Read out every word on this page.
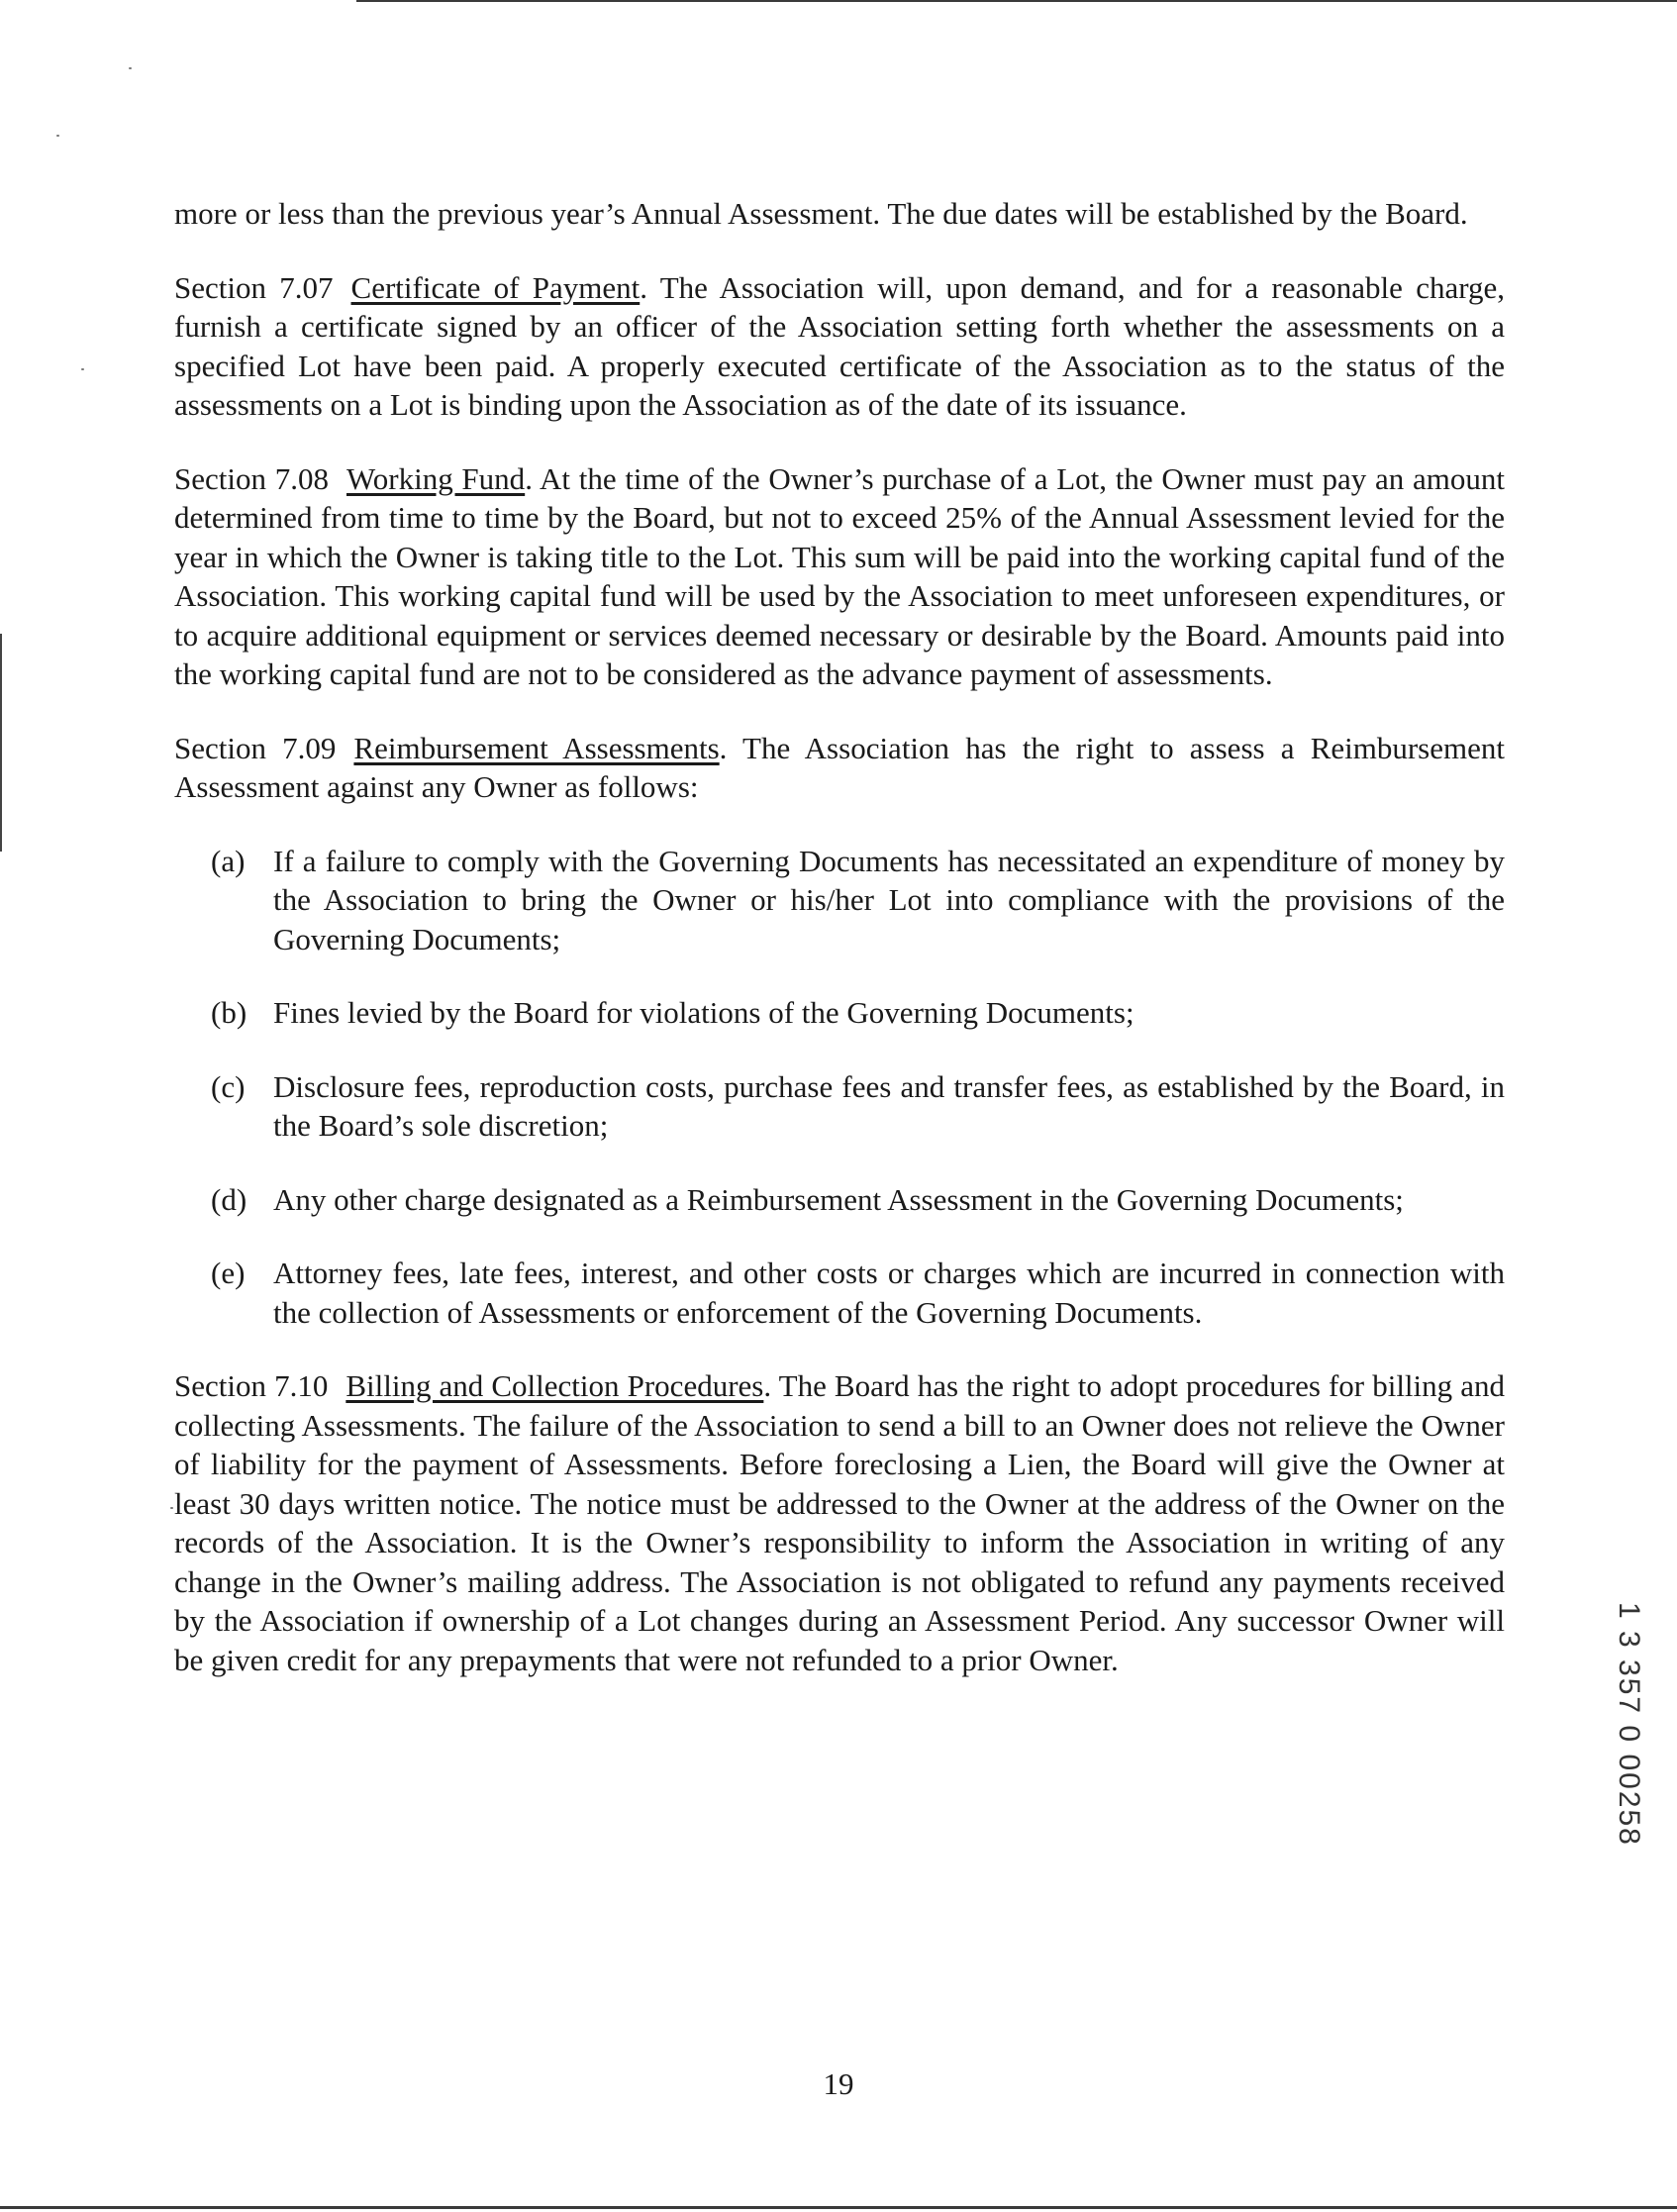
more or less than the previous year’s Annual Assessment. The due dates will be established by the Board.

Section 7.07 Certificate of Payment. The Association will, upon demand, and for a reasonable charge, furnish a certificate signed by an officer of the Association setting forth whether the assessments on a specified Lot have been paid. A properly executed certificate of the Association as to the status of the assessments on a Lot is binding upon the Association as of the date of its issuance.

Section 7.08 Working Fund. At the time of the Owner’s purchase of a Lot, the Owner must pay an amount determined from time to time by the Board, but not to exceed 25% of the Annual Assessment levied for the year in which the Owner is taking title to the Lot. This sum will be paid into the working capital fund of the Association. This working capital fund will be used by the Association to meet unforeseen expenditures, or to acquire additional equipment or services deemed necessary or desirable by the Board. Amounts paid into the working capital fund are not to be considered as the advance payment of assessments.

Section 7.09 Reimbursement Assessments. The Association has the right to assess a Reimbursement Assessment against any Owner as follows:

(a) If a failure to comply with the Governing Documents has necessitated an expenditure of money by the Association to bring the Owner or his/her Lot into compliance with the provisions of the Governing Documents;
(b) Fines levied by the Board for violations of the Governing Documents;
(c) Disclosure fees, reproduction costs, purchase fees and transfer fees, as established by the Board, in the Board’s sole discretion;
(d) Any other charge designated as a Reimbursement Assessment in the Governing Documents;
(e) Attorney fees, late fees, interest, and other costs or charges which are incurred in connection with the collection of Assessments or enforcement of the Governing Documents.

Section 7.10 Billing and Collection Procedures. The Board has the right to adopt procedures for billing and collecting Assessments. The failure of the Association to send a bill to an Owner does not relieve the Owner of liability for the payment of Assessments. Before foreclosing a Lien, the Board will give the Owner at least 30 days written notice. The notice must be addressed to the Owner at the address of the Owner on the records of the Association. It is the Owner’s responsibility to inform the Association in writing of any change in the Owner’s mailing address. The Association is not obligated to refund any payments received by the Association if ownership of a Lot changes during an Assessment Period. Any successor Owner will be given credit for any prepayments that were not refunded to a prior Owner.

19
1 3 357 0 00258
